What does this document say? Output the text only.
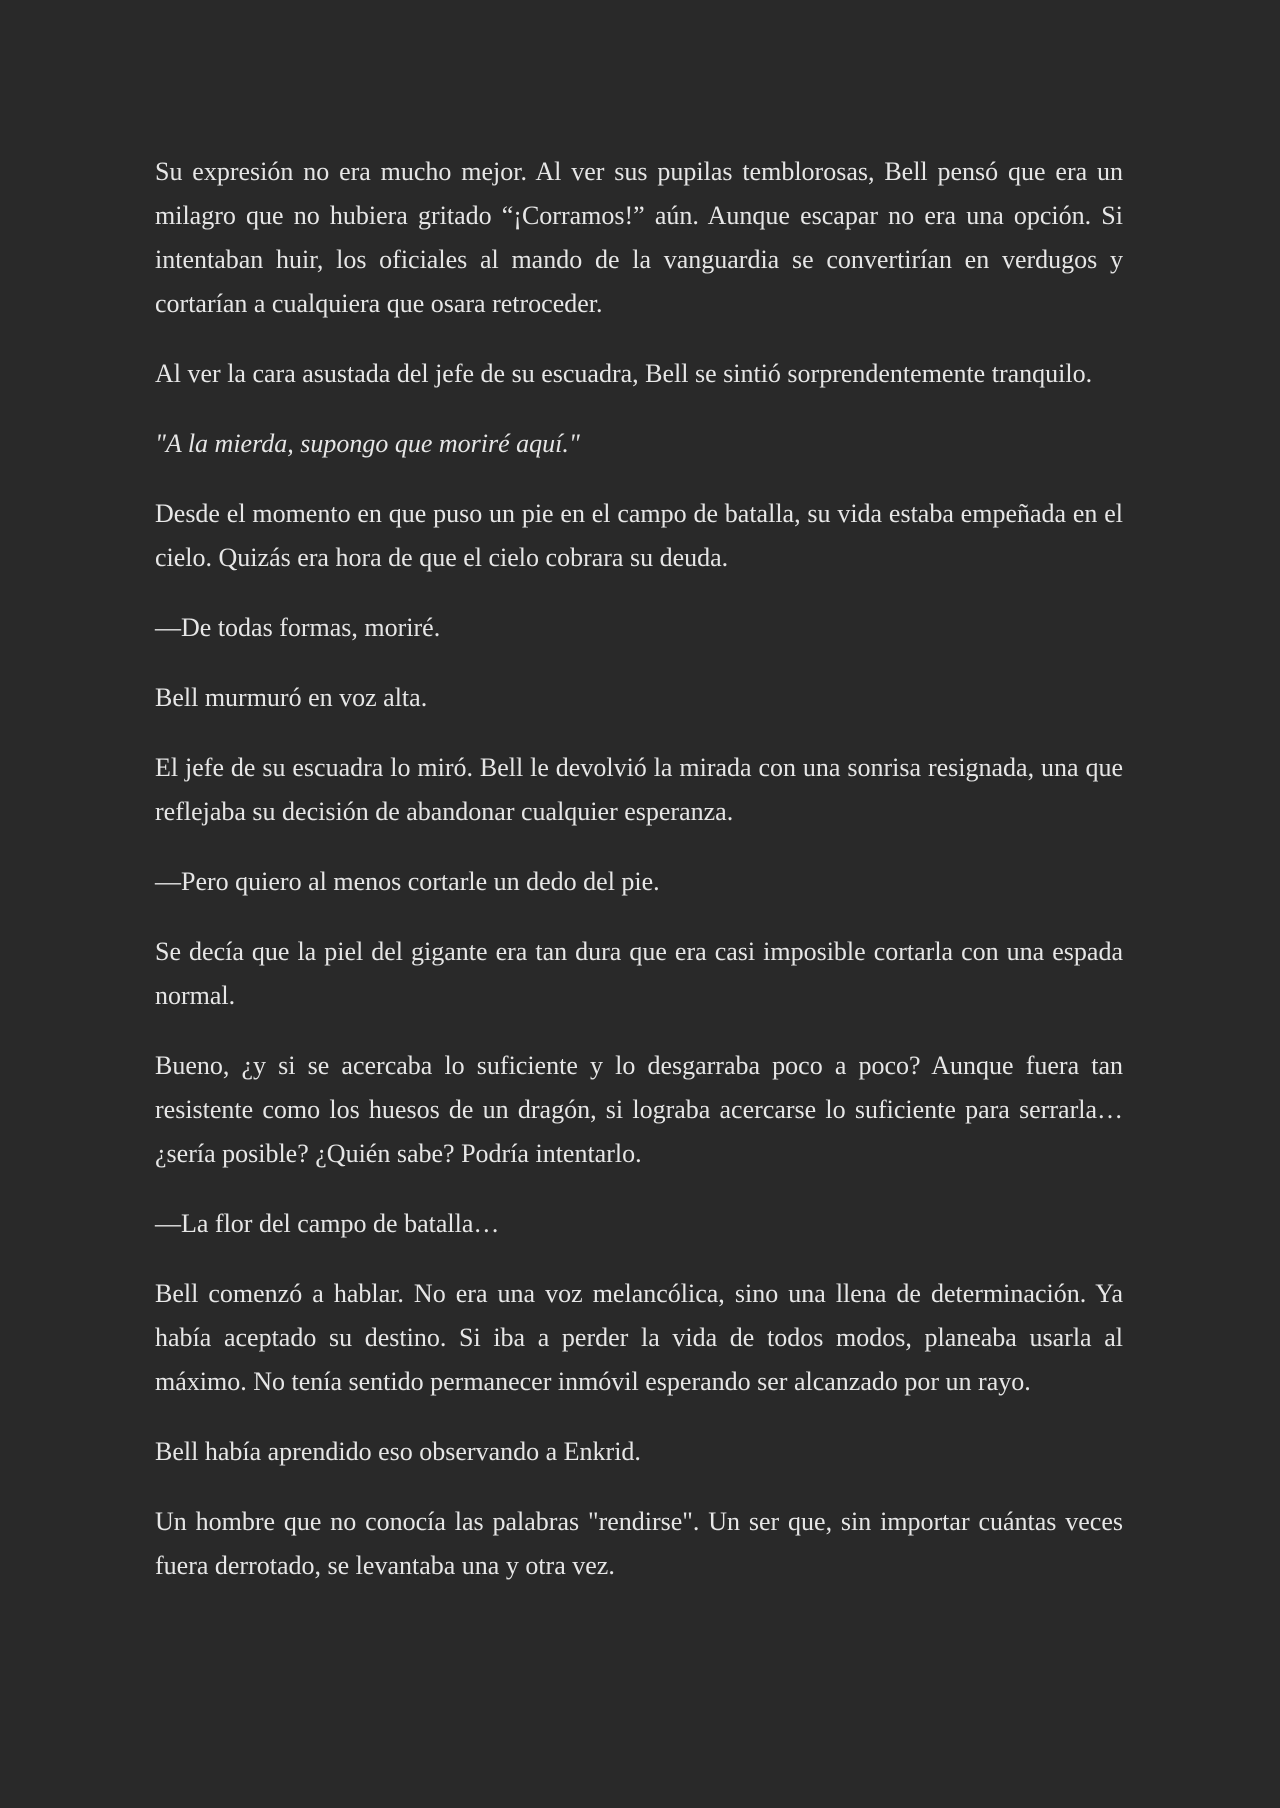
Su expresión no era mucho mejor. Al ver sus pupilas temblorosas, Bell pensó que era un milagro que no hubiera gritado “¡Corramos!” aún. Aunque escapar no era una opción. Si intentaban huir, los oficiales al mando de la vanguardia se convertirían en verdugos y cortarían a cualquiera que osara retroceder.

Al ver la cara asustada del jefe de su escuadra, Bell se sintió sorprendentemente tranquilo.

"A la mierda, supongo que moriré aquí."

Desde el momento en que puso un pie en el campo de batalla, su vida estaba empeñada en el cielo. Quizás era hora de que el cielo cobrara su deuda.

—De todas formas, moriré.

Bell murmuró en voz alta.

El jefe de su escuadra lo miró. Bell le devolvió la mirada con una sonrisa resignada, una que reflejaba su decisión de abandonar cualquier esperanza.

—Pero quiero al menos cortarle un dedo del pie.

Se decía que la piel del gigante era tan dura que era casi imposible cortarla con una espada normal.

Bueno, ¿y si se acercaba lo suficiente y lo desgarraba poco a poco? Aunque fuera tan resistente como los huesos de un dragón, si lograba acercarse lo suficiente para serrarla… ¿sería posible? ¿Quién sabe? Podría intentarlo.

—La flor del campo de batalla…

Bell comenzó a hablar. No era una voz melancólica, sino una llena de determinación. Ya había aceptado su destino. Si iba a perder la vida de todos modos, planeaba usarla al máximo. No tenía sentido permanecer inmóvil esperando ser alcanzado por un rayo.

Bell había aprendido eso observando a Enkrid.

Un hombre que no conocía las palabras "rendirse". Un ser que, sin importar cuántas veces fuera derrotado, se levantaba una y otra vez.
